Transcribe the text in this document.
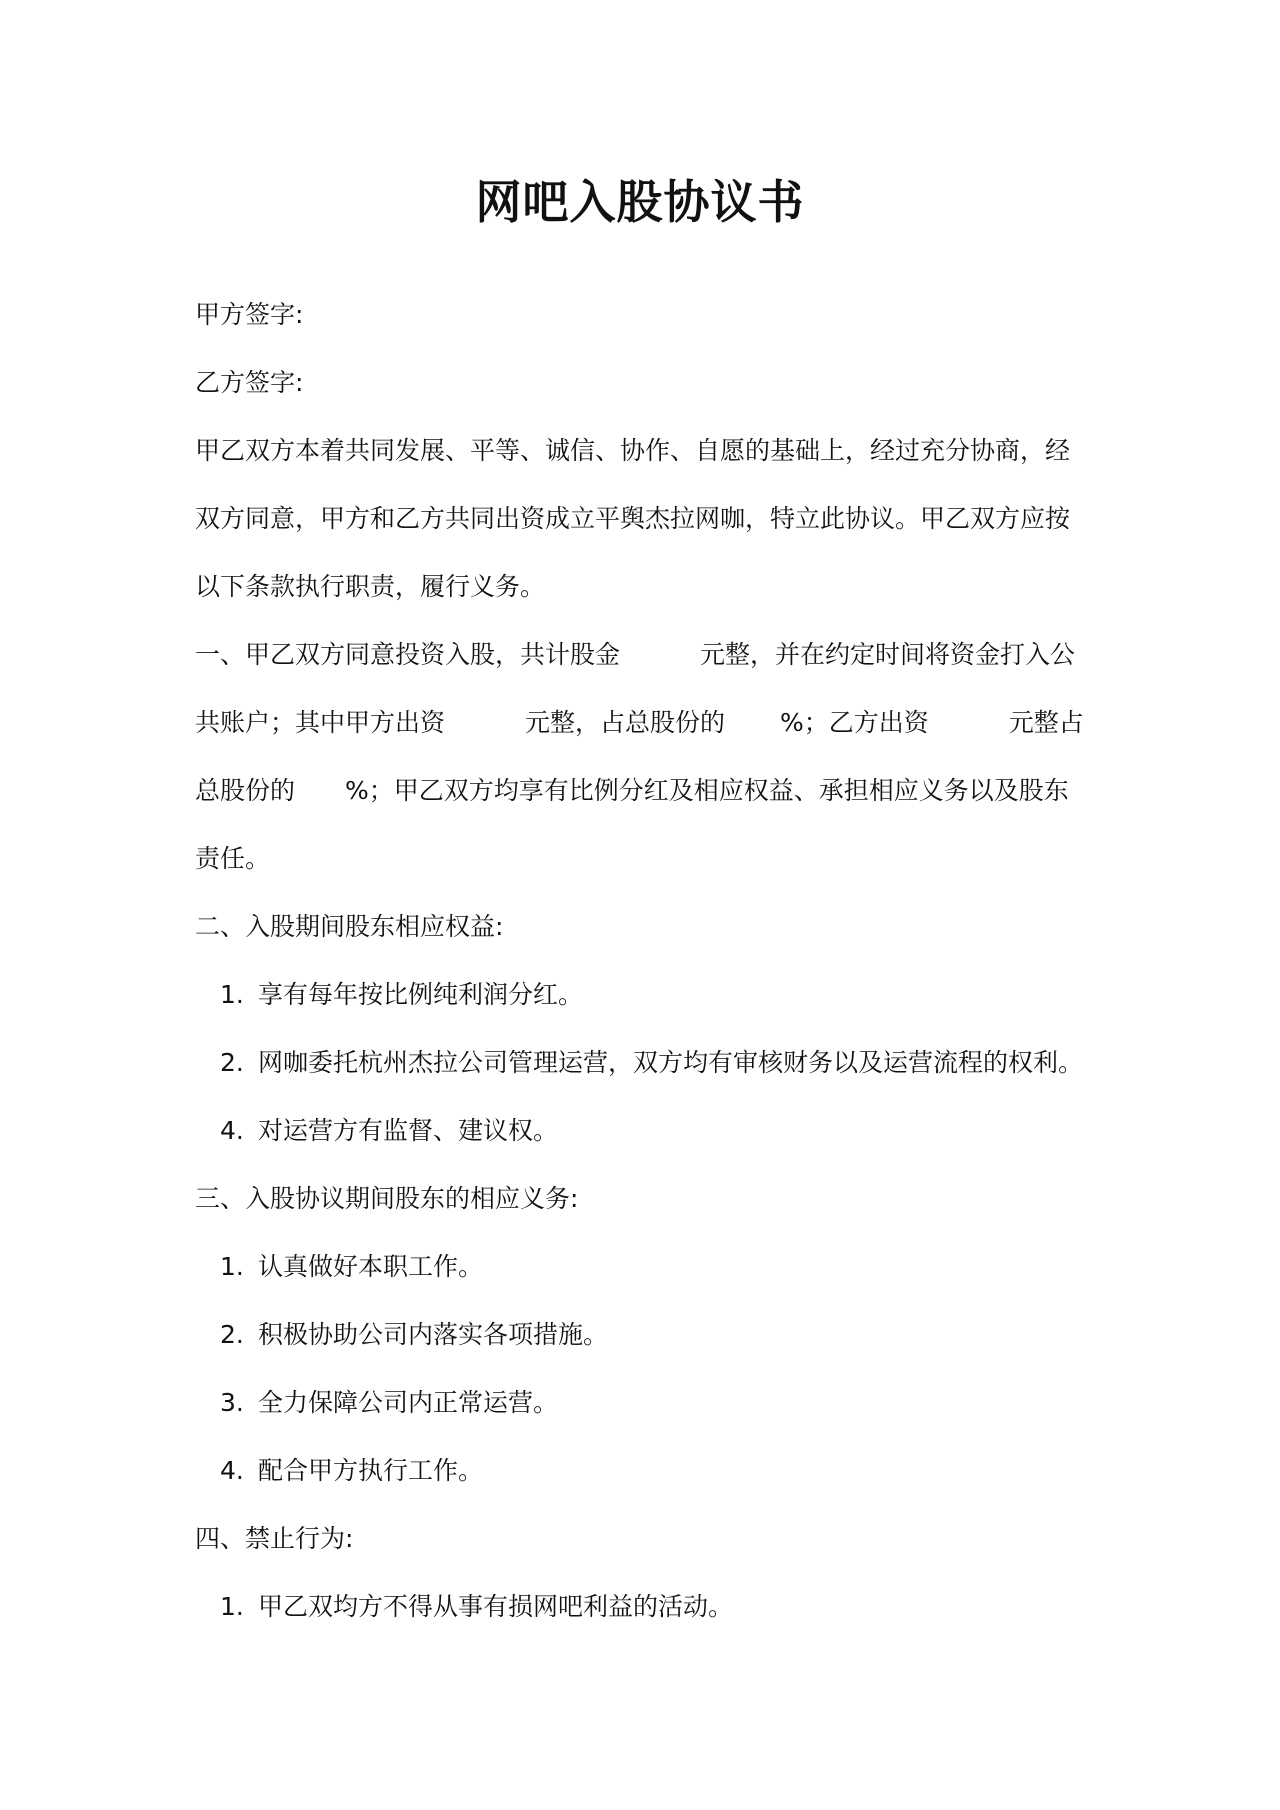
网吧入股协议书
甲方签字:
乙方签字:
甲乙双方本着共同发展、平等、诚信、协作、自愿的基础上，经过充分协商，经
双方同意，甲方和乙方共同出资成立平舆杰拉网咖，特立此协议。甲乙双方应按
以下条款执行职责，履行义务。
一、甲乙双方同意投资入股，共计股金	元整，并在约定时间将资金打入公
共账户；其中甲方出资	元整，占总股份的 %；乙方出资	元整占
总股份的 %；甲乙双方均享有比例分红及相应权益、承担相应义务以及股东
责任。
二、入股期间股东相应权益:
1. 享有每年按比例纯利润分红。
2. 网咖委托杭州杰拉公司管理运营，双方均有审核财务以及运营流程的权利。
4. 对运营方有监督、建议权。
三、入股协议期间股东的相应义务:
1. 认真做好本职工作。
2. 积极协助公司内落实各项措施。
3. 全力保障公司内正常运营。
4. 配合甲方执行工作。
四、禁止行为:
1. 甲乙双均方不得从事有损网吧利益的活动。
